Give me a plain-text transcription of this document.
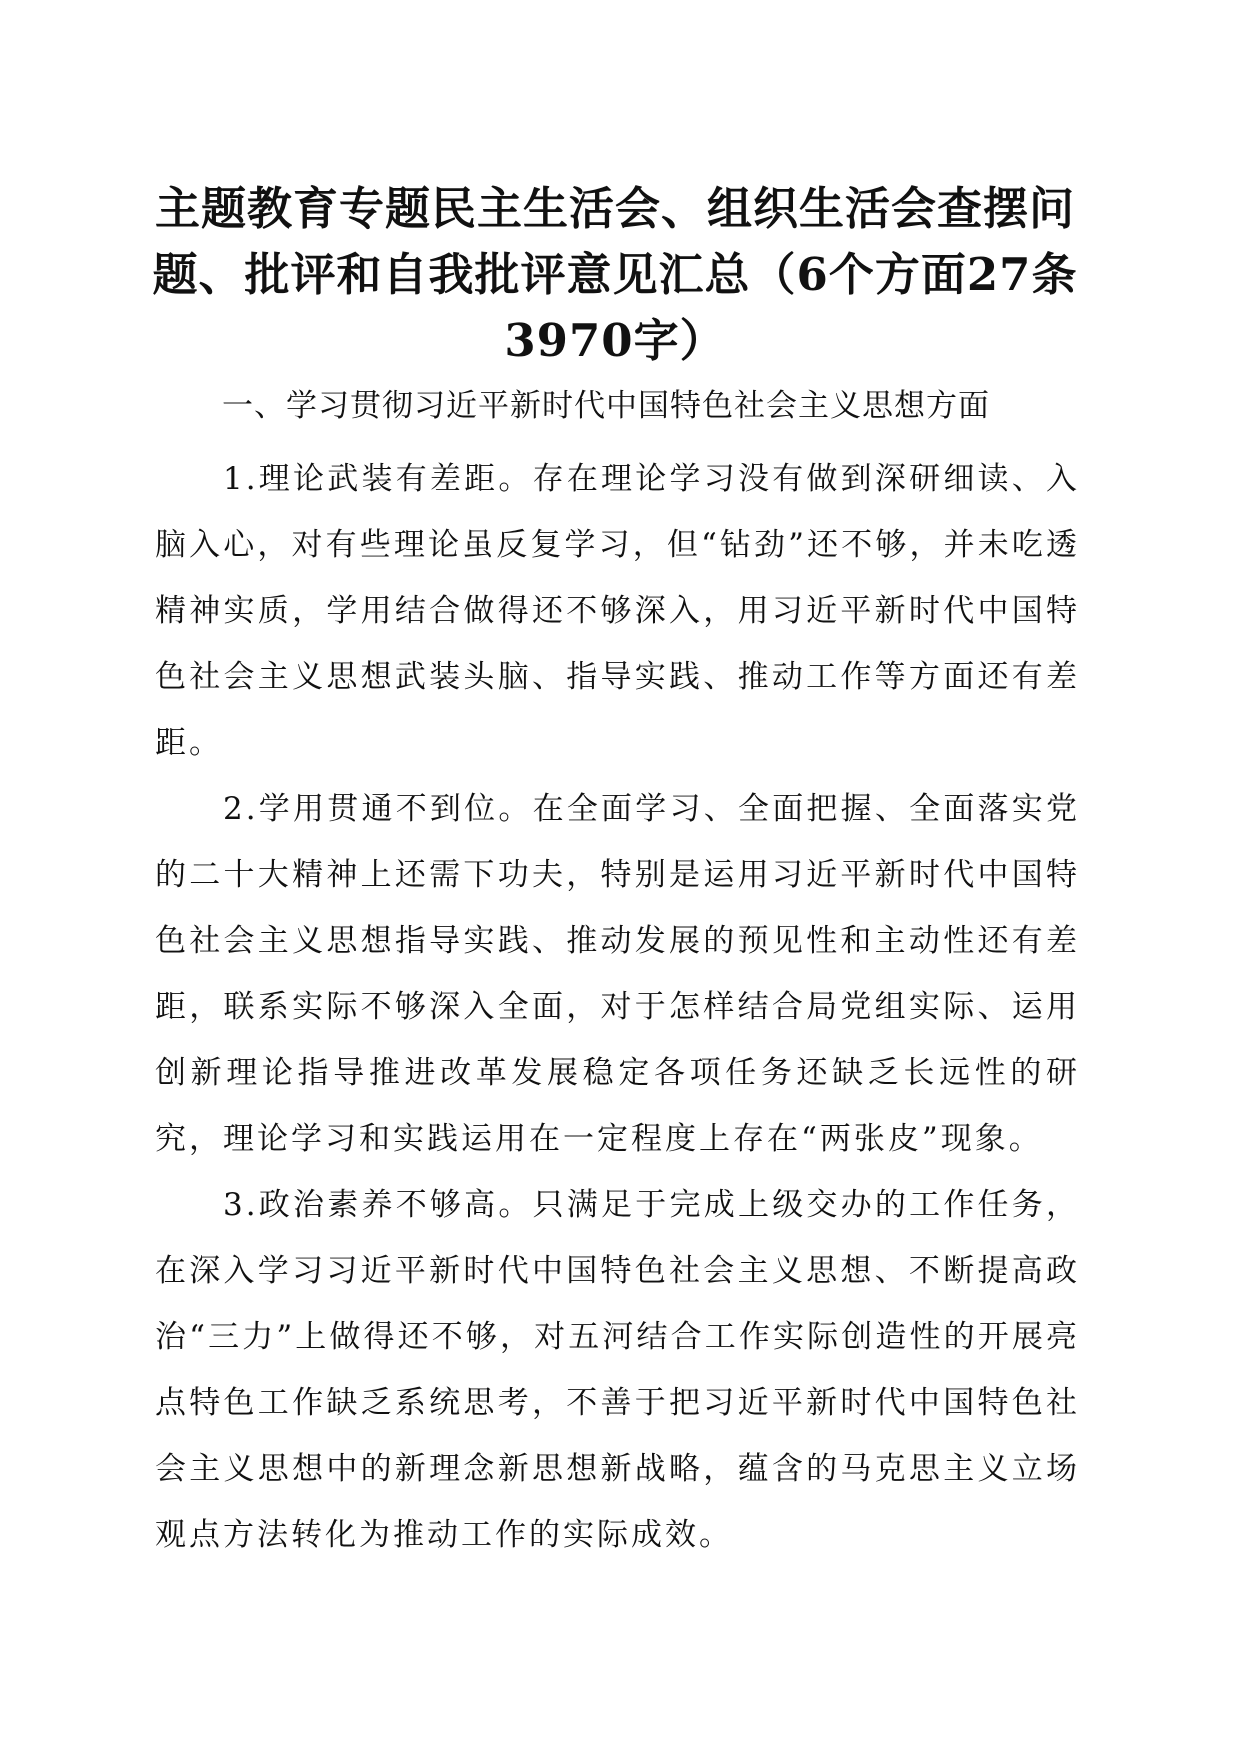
主题教育专题民主生活会、组织生活会查摆问题、批评和自我批评意见汇总（6个方面27条3970字）
一、学习贯彻习近平新时代中国特色社会主义思想方面

1.理论武装有差距。存在理论学习没有做到深研细读、入脑入心，对有些理论虽反复学习，但“钻劲”还不够，并未吃透精神实质，学用结合做得还不够深入，用习近平新时代中国特色社会主义思想武装头脑、指导实践、推动工作等方面还有差距。

2.学用贯通不到位。在全面学习、全面把握、全面落实党的二十大精神上还需下功夫，特别是运用习近平新时代中国特色社会主义思想指导实践、推动发展的预见性和主动性还有差距，联系实际不够深入全面，对于怎样结合局党组实际、运用创新理论指导推进改革发展稳定各项任务还缺乏长远性的研究，理论学习和实践运用在一定程度上存在“两张皮”现象。

3.政治素养不够高。只满足于完成上级交办的工作任务，在深入学习习近平新时代中国特色社会主义思想、不断提高政治“三力”上做得还不够，对五河结合工作实际创造性的开展亮点特色工作缺乏系统思考，不善于把习近平新时代中国特色社会主义思想中的新理念新思想新战略，蕴含的马克思主义立场观点方法转化为推动工作的实际成效。
